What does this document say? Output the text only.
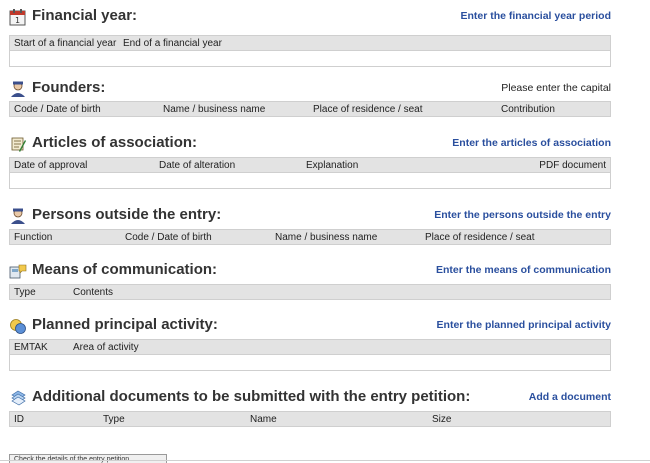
1 Financial year:	Enter the financial year period
Start of a financial year End of a financial year
Founders:	Please enter the capital
Code / Date of birth	Name / business name	Place of residence / seat	Contribution
Articles of association:	Enter the articles of association
Date of approval	Date of alteration	Explanation	PDF document
Persons outside the entry:	Enter the persons outside the entry
Function	Code / Date of birth	Name / business name	Place of residence / seat
Means of communication:	Enter the means of communication
Type	Contents
Planned principal activity:	Enter the planned principal activity
EMTAK	Area of activity
Additional documents to be submitted with the entry petition:	Add a document
ID	Type	Name	Size
